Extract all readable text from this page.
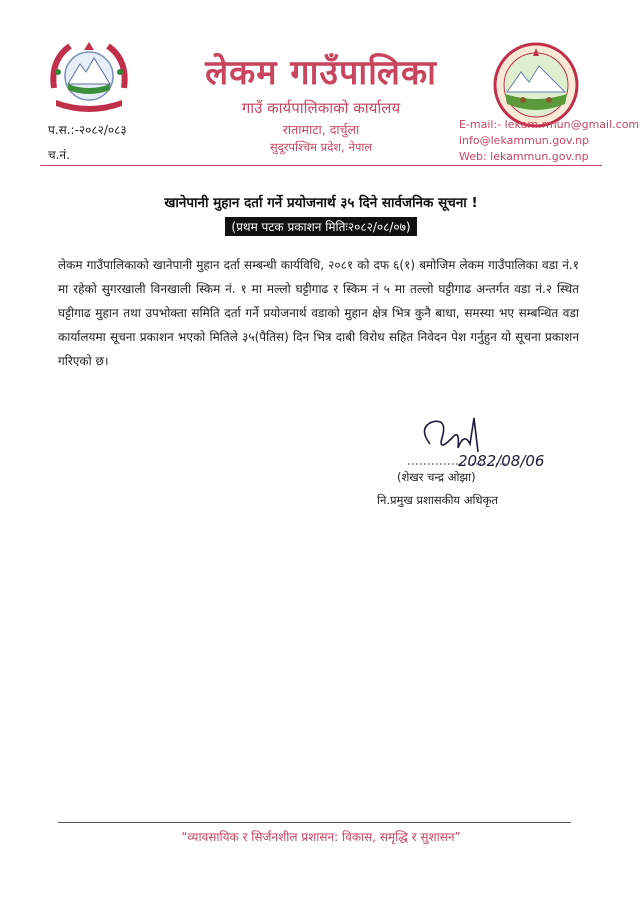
लेकम गाउँपालिका
गाउँ कार्यपालिकाको कार्यालय
रातामाटा, दार्चुला
सुदूरपश्चिम प्रदेश, नेपाल
प.स.:-२०८२/०८३
च.नं.
E-mail:- lekam.rmun@gmail.com
info@lekammun.gov.np
Web: lekammun.gov.np
खानेपानी मुहान दर्ता गर्ने प्रयोजनार्थ ३५ दिने सार्वजनिक सूचना !
(प्रथम पटक प्रकाशन मितिः२०८२/०८/०७)
लेकम गाउँपालिकाको खानेपानी मुहान दर्ता सम्बन्धी कार्यविधि, २०८१ को दफ ६(१) बमोजिम लेकम गाउँपालिका वडा नं.१ मा रहेको सुगरखाली विनखाली स्किम नं. १ मा मल्लो घट्टीगाढ र स्किम नं ५ मा तल्लो घट्टीगाढ अन्तर्गत वडा नं.२ स्थित घट्टीगाढ मुहान तथा उपभोक्ता समिति दर्ता गर्ने प्रयोजनार्थ वडाको मुहान क्षेत्र भित्र कुनै बाधा, समस्या भए सम्बन्धित वडा कार्यालयमा सूचना प्रकाशन भएको मितिले ३५(पैतिस) दिन भित्र दाबी विरोध सहित निवेदन पेश गर्नुहुन यो सूचना प्रकाशन गरिएको छ।
2082/08/06
(शेखर चन्द्र ओझा)
नि.प्रमुख प्रशासकीय अधिकृत
“व्यावसायिक र सिर्जनशील प्रशासन: विकास, समृद्धि र सुशासन”
